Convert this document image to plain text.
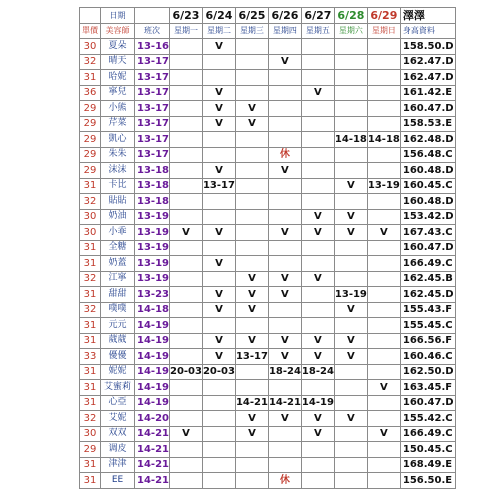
	日期		6/23	6/24	6/25	6/26	6/27	6/28	6/29	澤澤
單價	美容師	班次	星期一	星期二	星期三	星期四	星期五	星期六	星期日	身高資料
30	夏朵	13-16		V						158.50.D
32	晴天	13-17				V				162.47.D
31	哈妮	13-17								162.47.D
36	寧兒	13-17		V			V			161.42.E
29	小熊	13-17		V	V					160.47.D
29	芹菜	13-17		V	V					158.53.E
29	凱心	13-17						14-18	14-18	162.48.D
29	朱朱	13-17				休				156.48.C
29	沫沫	13-18		V		V				160.48.D
31	卡比	13-18		13-17				V	13-19	160.45.C
32	貼貼	13-18								160.48.D
30	奶油	13-19					V	V		153.42.D
30	小乖	13-19	V	V		V	V	V	V	167.43.C
31	全糖	13-19								160.47.D
31	奶蓋	13-19		V						166.49.C
32	江寧	13-19			V	V	V			162.45.B
31	甜甜	13-23		V	V	V		13-19		162.45.D
32	噗噗	14-18		V	V			V		155.43.F
31	元元	14-19								155.45.C
31	葳葳	14-19		V	V	V	V	V		166.56.F
33	優優	14-19		V	13-17	V	V	V		160.46.C
31	妮妮	14-19	20-03	20-03		18-24	18-24			162.50.D
31	艾蜜莉	14-19							V	163.45.F
31	心亞	14-19			14-21	14-21	14-19			160.47.D
32	艾妮	14-20			V	V	V	V		155.42.C
30	双双	14-21	V		V		V		V	166.49.C
29	调皮	14-21								150.45.C
31	津津	14-21								168.49.E
31	EE	14-21				休				156.50.E
